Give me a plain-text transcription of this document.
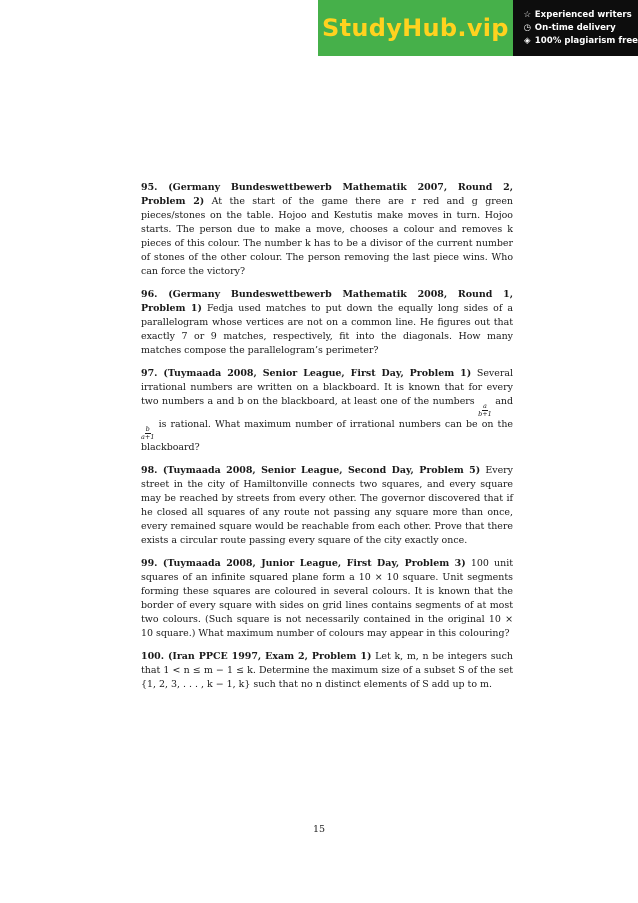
StudyHub.vip	☆ Experienced writers
◷ On-time delivery
◈ 100% plagiarism free

95. (Germany Bundeswettbewerb Mathematik 2007, Round 2, Problem 2) At the start of the game there are r red and g green pieces/stones on the table. Hojoo and Kestutis make moves in turn. Hojoo starts. The person due to make a move, chooses a colour and removes k pieces of this colour. The number k has to be a divisor of the current number of stones of the other colour. The person removing the last piece wins. Who can force the victory?

96. (Germany Bundeswettbewerb Mathematik 2008, Round 1, Problem 1) Fedja used matches to put down the equally long sides of a parallelogram whose vertices are not on a common line. He figures out that exactly 7 or 9 matches, respectively, fit into the diagonals. How many matches compose the parallelogram’s perimeter?

97. (Tuymaada 2008, Senior League, First Day, Problem 1) Several irrational numbers are written on a blackboard. It is known that for every two numbers a and b on the blackboard, at least one of the numbers
$\frac{a}{b+1}$
and
$\frac{b}{a+1}$
is rational. What maximum number of irrational numbers can be on the blackboard?

98. (Tuymaada 2008, Senior League, Second Day, Problem 5) Every street in the city of Hamiltonville connects two squares, and every square may be reached by streets from every other. The governor discovered that if he closed all squares of any route not passing any square more than once, every remained square would be reachable from each other. Prove that there exists a circular route passing every square of the city exactly once.

99. (Tuymaada 2008, Junior League, First Day, Problem 3) 100 unit squares of an infinite squared plane form a 10 × 10 square. Unit segments forming these squares are coloured in several colours. It is known that the border of every square with sides on grid lines contains segments of at most two colours. (Such square is not necessarily contained in the original 10 × 10 square.) What maximum number of colours may appear in this colouring?

100. (Iran PPCE 1997, Exam 2, Problem 1) Let k, m, n be integers such that 1 < n ≤ m − 1 ≤ k. Determine the maximum size of a subset S of the set {1, 2, 3, . . . , k − 1, k} such that no n distinct elements of S add up to m.

15
